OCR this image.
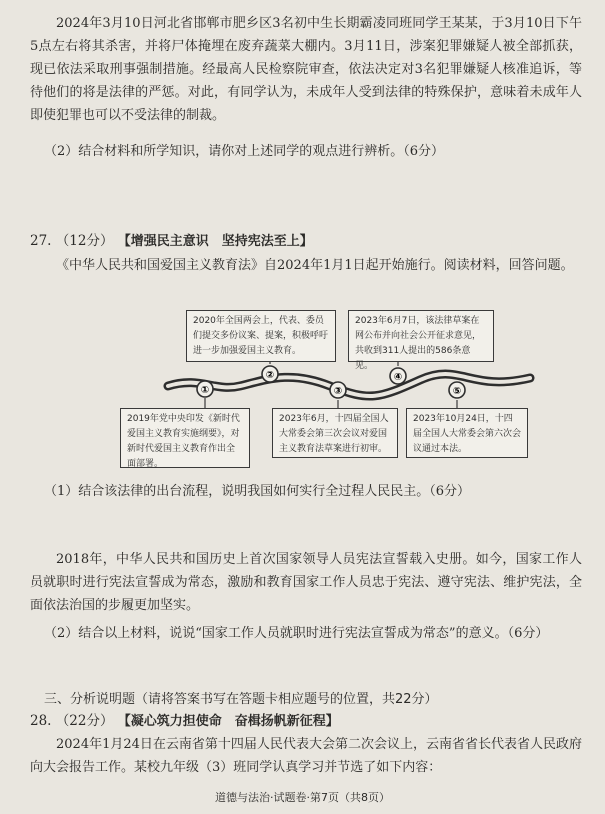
2024年3月10日河北省邯郸市肥乡区3名初中生长期霸凌同班同学王某某，于3月10日下午5点左右将其杀害，并将尸体掩埋在废弃蔬菜大棚内。3月11日，涉案犯罪嫌疑人被全部抓获，现已依法采取刑事强制措施。经最高人民检察院审查，依法决定对3名犯罪嫌疑人核准追诉，等待他们的将是法律的严惩。对此，有同学认为，未成年人受到法律的特殊保护，意味着未成年人即使犯罪也可以不受法律的制裁。

（2）结合材料和所学知识，请你对上述同学的观点进行辨析。（6分）

27. （12分） 【增强民主意识　坚持宪法至上】

《中华人民共和国爱国主义教育法》自2024年1月1日起开始施行。阅读材料，回答问题。

①
②
③
④
⑤
2020年全国两会上，代表、委员们提交多份议案、提案，积极呼吁进一步加强爱国主义教育。
2023年6月7日，该法律草案在网公布并向社会公开征求意见，共收到311人提出的586条意见。
2019年党中央印发《新时代爱国主义教育实施纲要》，对新时代爱国主义教育作出全面部署。
2023年6月，十四届全国人大常委会第三次会议对爱国主义教育法草案进行初审。
2023年10月24日，十四届全国人大常委会第六次会议通过本法。

（1）结合该法律的出台流程，说明我国如何实行全过程人民民主。（6分）

2018年，中华人民共和国历史上首次国家领导人员宪法宣誓载入史册。如今，国家工作人员就职时进行宪法宣誓成为常态，激励和教育国家工作人员忠于宪法、遵守宪法、维护宪法，全面依法治国的步履更加坚实。

（2）结合以上材料，说说“国家工作人员就职时进行宪法宣誓成为常态”的意义。（6分）

三、分析说明题（请将答案书写在答题卡相应题号的位置，共22分）
28. （22分） 【凝心筑力担使命　奋楫扬帆新征程】

2024年1月24日在云南省第十四届人民代表大会第二次会议上，云南省省长代表省人民政府向大会报告工作。某校九年级（3）班同学认真学习并节选了如下内容：

道德与法治·试题卷·第7页（共8页）
